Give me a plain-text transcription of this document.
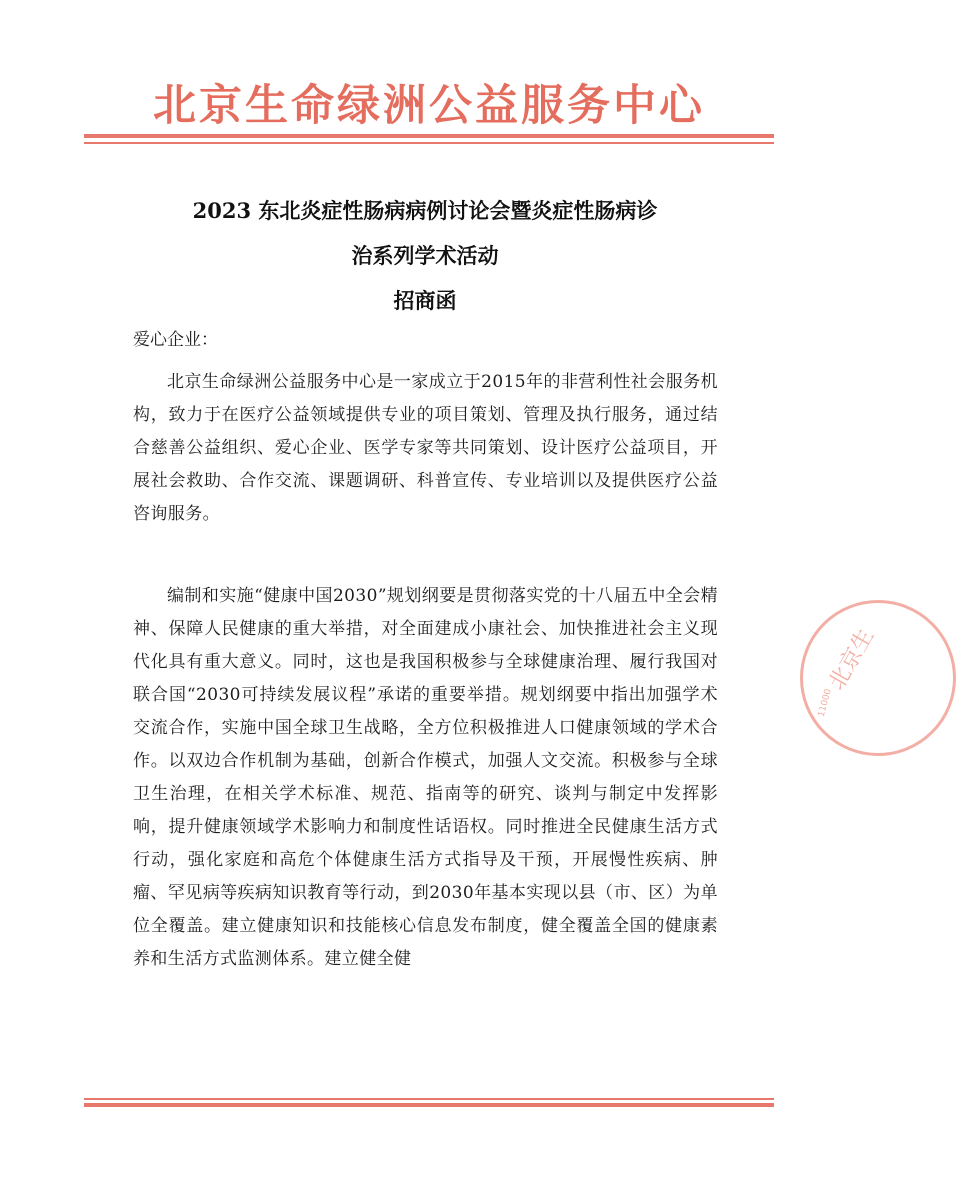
北京生命绿洲公益服务中心
2023 东北炎症性肠病病例讨论会暨炎症性肠病诊
治系列学术活动
招商函
爱心企业：
北京生命绿洲公益服务中心是一家成立于2015年的非营利性社会服务机构，致力于在医疗公益领域提供专业的项目策划、管理及执行服务，通过结合慈善公益组织、爱心企业、医学专家等共同策划、设计医疗公益项目，开展社会救助、合作交流、课题调研、科普宣传、专业培训以及提供医疗公益咨询服务。
编制和实施“健康中国2030”规划纲要是贯彻落实党的十八届五中全会精神、保障人民健康的重大举措，对全面建成小康社会、加快推进社会主义现代化具有重大意义。同时，这也是我国积极参与全球健康治理、履行我国对联合国“2030可持续发展议程”承诺的重要举措。规划纲要中指出加强学术交流合作，实施中国全球卫生战略，全方位积极推进人口健康领域的学术合作。以双边合作机制为基础，创新合作模式，加强人文交流。积极参与全球卫生治理，在相关学术标准、规范、指南等的研究、谈判与制定中发挥影响，提升健康领域学术影响力和制度性话语权。同时推进全民健康生活方式行动，强化家庭和高危个体健康生活方式指导及干预，开展慢性疾病、肿瘤、罕见病等疾病知识教育等行动，到2030年基本实现以县（市、区）为单位全覆盖。建立健康知识和技能核心信息发布制度，健全覆盖全国的健康素养和生活方式监测体系。建立健全健
北京生
11000
